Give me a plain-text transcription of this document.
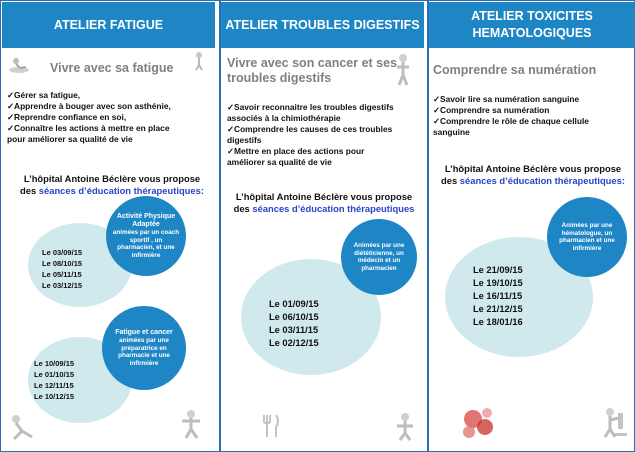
ATELIER FATIGUE
Vivre avec sa fatigue
✓Gérer sa fatigue,
✓Apprendre à bouger avec son asthénie,
✓Reprendre confiance en soi,
✓Connaître les actions à mettre en place
pour améliorer sa qualité de vie
L’hôpital Antoine Béclère vous propose
des séances d’éducation thérapeutiques:
Activité Physique Adaptée
animées par un coach sportif , un pharmacien, et une infirmière
Le 03/09/15
Le 08/10/15
Le 05/11/15
Le 03/12/15
Fatigue et cancer
animées par une préparatrice en pharmacie et une infirmière
Le 10/09/15
Le 01/10/15
Le 12/11/15
Le 10/12/15
ATELIER TROUBLES DIGESTIFS
Vivre avec son cancer et ses
troubles digestifs
✓Savoir reconnaitre les troubles digestifs
associés à la chimiothérapie
✓Comprendre les causes de ces troubles
digestifs
✓Mettre en place des actions pour
améliorer sa qualité de vie
L’hôpital Antoine Béclère vous propose
des séances d’éducation thérapeutiques
Animées par une diététicienne, un médecin et un pharmacien
Le 01/09/15
Le 06/10/15
Le 03/11/15
Le 02/12/15
ATELIER TOXICITES
HEMATOLOGIQUES
Comprendre sa numération
✓Savoir lire sa numération sanguine
✓Comprendre sa numération
✓Comprendre le rôle de chaque cellule
sanguine
L’hôpital Antoine Béclère vous propose
des séances d’éducation thérapeutiques:
Animées par une hématologue, un pharmacien et une infirmière
Le 21/09/15
Le 19/10/15
Le 16/11/15
Le 21/12/15
Le 18/01/16
